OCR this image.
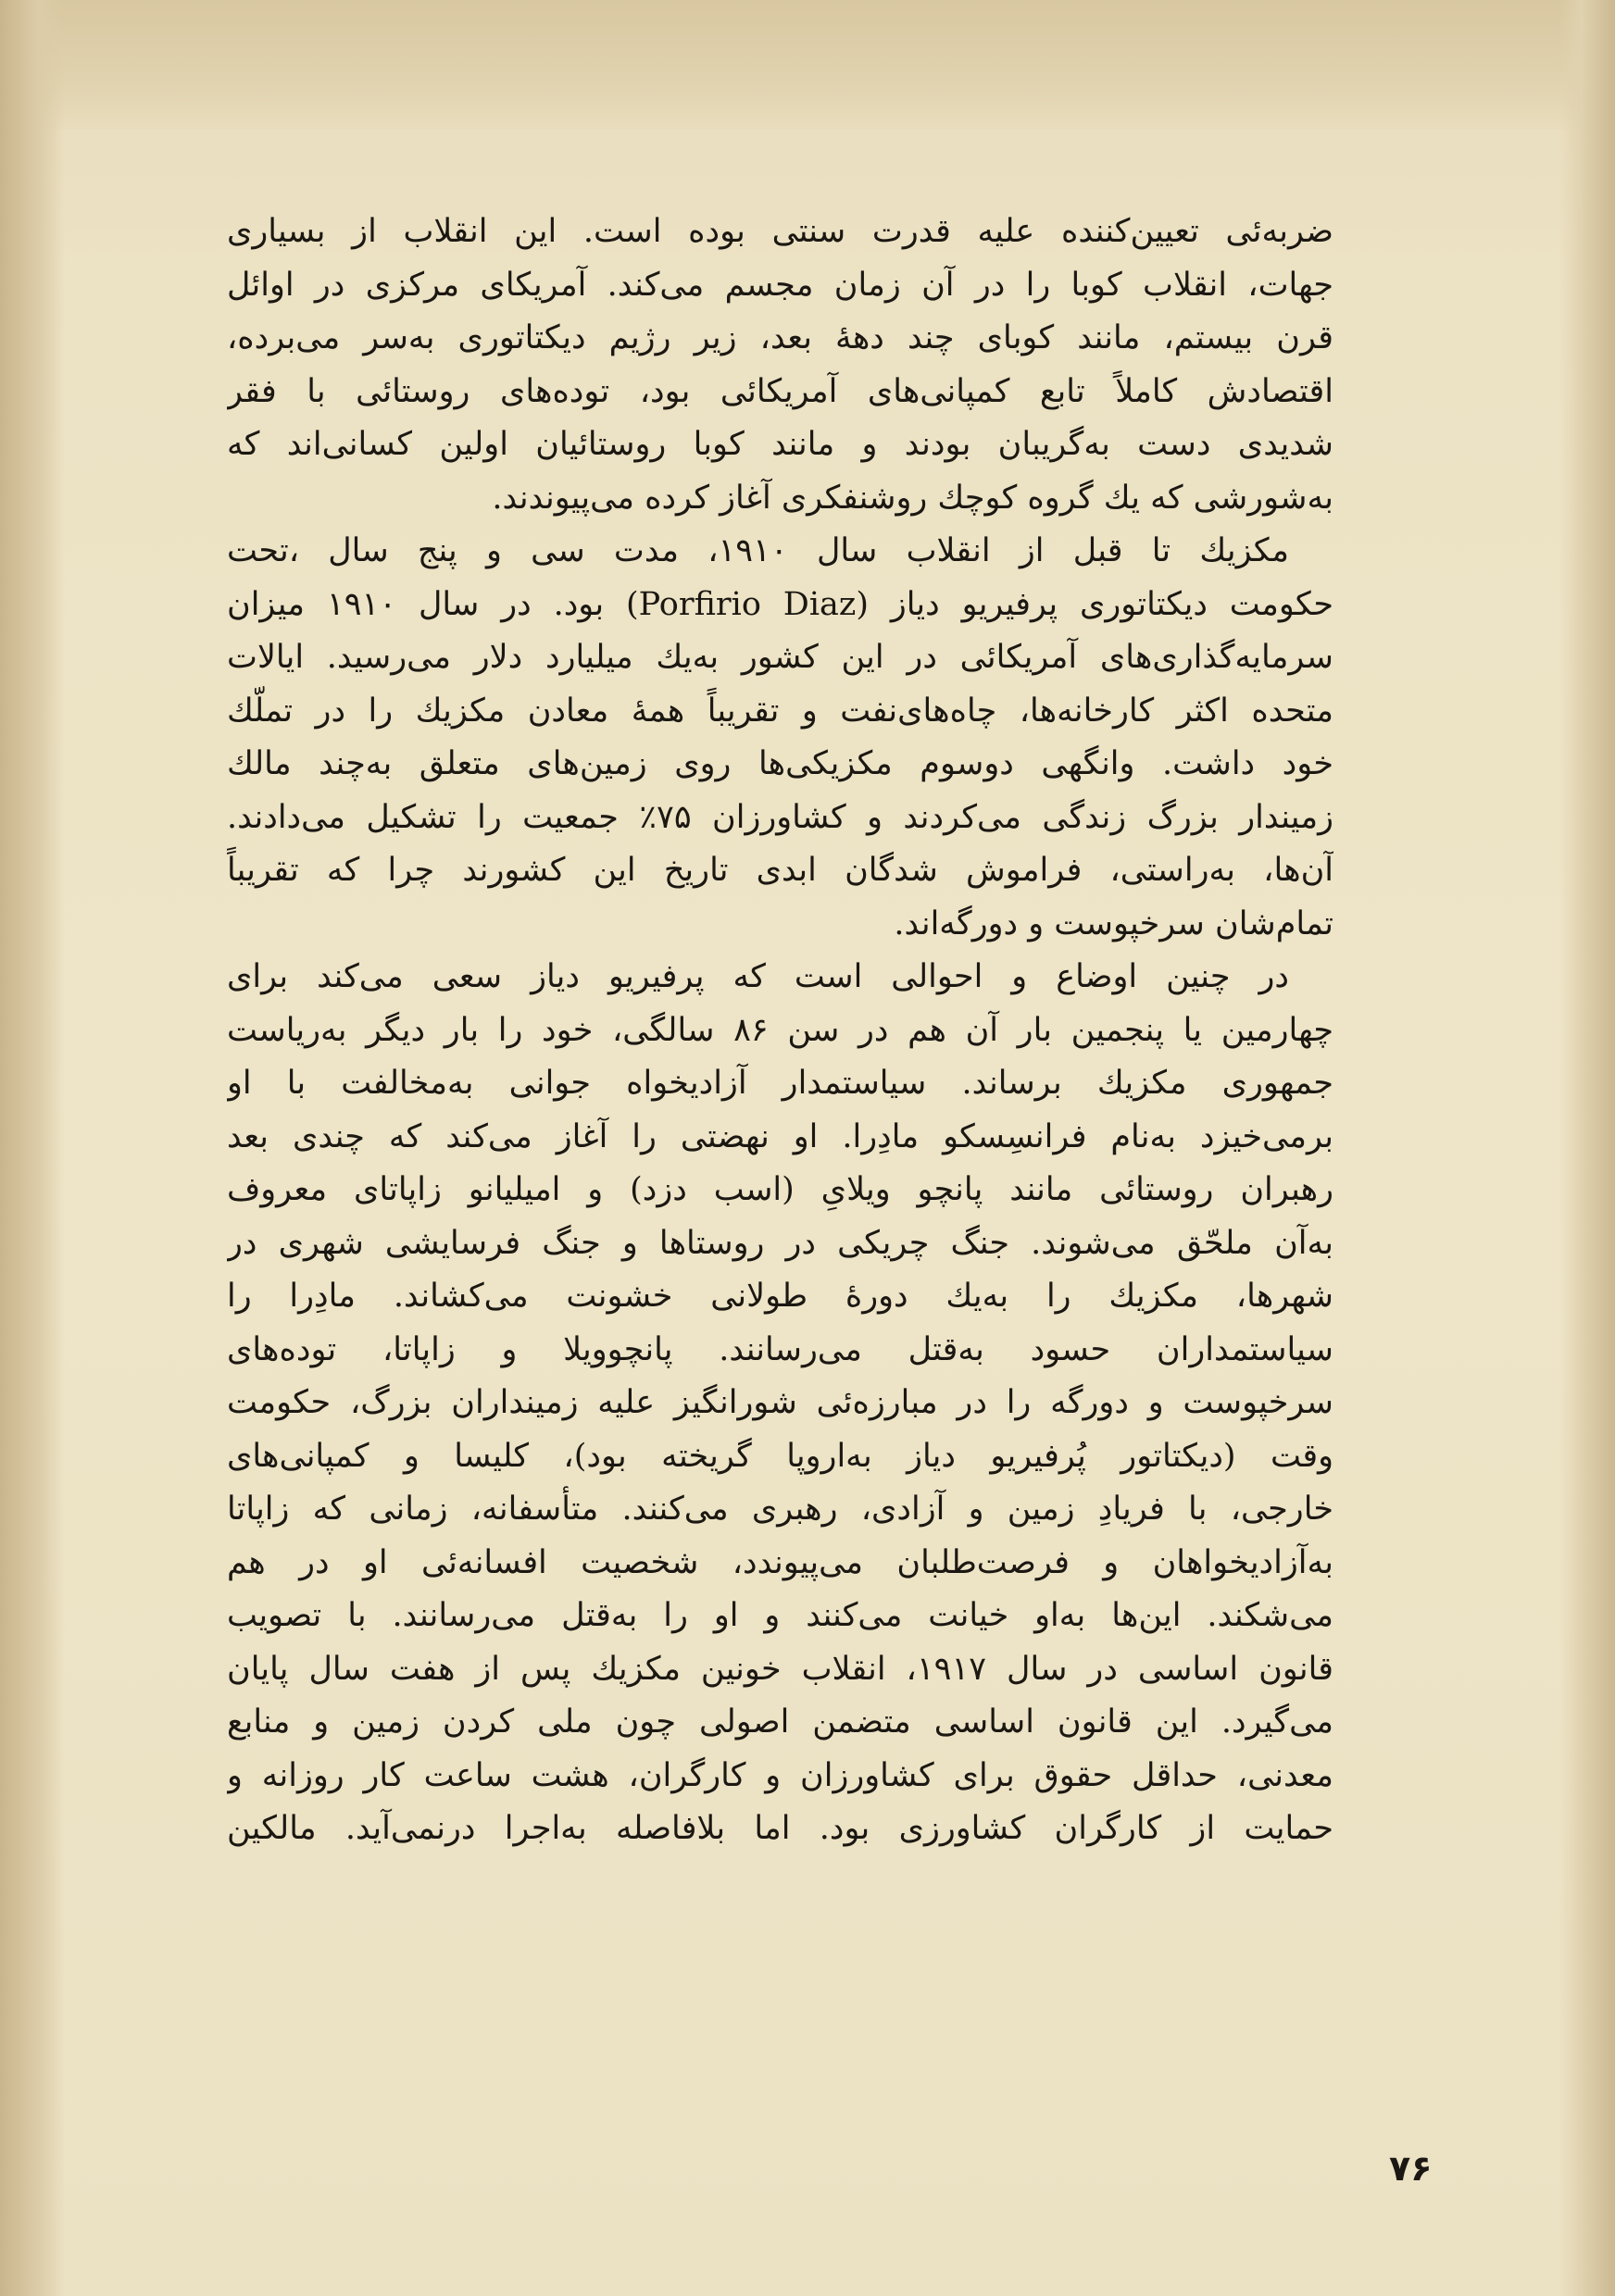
ضربه‌ئی تعیین‌کننده علیه قدرت سنتی بوده است. این انقلاب از بسیاری
جهات، انقلاب کوبا را در آن زمان مجسم می‌کند. آمریکای مرکزی در اوائل
قرن بیستم، مانند کوبای چند دههٔ بعد، زیر رژیم دیکتاتوری به‌سر می‌برده،
اقتصادش کاملاً تابع کمپانی‌های آمریکائی بود، توده‌های روستائی با فقر
شدیدی دست به‌گریبان بودند و مانند کوبا روستائیان اولین کسانی‌اند که
به‌شورشی که یك گروه کوچك روشنفکری آغاز کرده می‌پیوندند.
مکزیك تا قبل از انقلاب سال ۱۹۱۰، مدت سی و پنج سال ،تحت
حکومت دیکتاتوری پرفیریو دیاز (Porfirio Diaz) بود. در سال ۱۹۱۰ میزان
سرمایه‌گذاری‌های آمریکائی در این کشور به‌یك میلیارد دلار می‌رسید. ایالات
متحده اکثر کارخانه‌ها، چاه‌های‌نفت و تقریباً همهٔ معادن مکزیك را در تملّك
خود داشت. وانگهی دوسوم مکزیکی‌ها روی زمین‌های متعلق به‌چند مالك
زمیندار بزرگ زندگی می‌کردند و کشاورزان ۷۵٪ جمعیت را تشکیل می‌دادند.
آن‌ها، به‌راستی، فراموش شدگان ابدی تاریخ این کشورند چرا که تقریباً
تمام‌شان سرخپوست و دورگه‌اند.
در چنین اوضاع و احوالی است که پرفیریو دیاز سعی می‌کند برای
چهارمین یا پنجمین بار آن هم در سن ۸۶ سالگی، خود را بار دیگر به‌ریاست
جمهوری مکزیك برساند. سیاستمدار آزادیخواه جوانی به‌مخالفت با او
برمی‌خیزد به‌نام فرانسِسکو مادِرا. او نهضتی را آغاز می‌کند که چندی بعد
رهبران روستائی مانند پانچو ویلایِ (اسب دزد) و امیلیانو زاپاتای معروف
به‌آن ملحّق می‌شوند. جنگ چریکی در روستاها و جنگ فرسایشی شهری در
شهرها، مکزیك را به‌یك دورهٔ طولانی خشونت می‌کشاند. مادِرا را
سیاستمداران حسود به‌قتل می‌رسانند. پانچوویلا و زاپاتا، توده‌های
سرخپوست و دورگه را در مبارزه‌ئی شورانگیز علیه زمینداران بزرگ، حکومت
وقت (دیکتاتور پُرفیریو دیاز به‌اروپا گریخته بود)، کلیسا و کمپانی‌های
خارجی، با فریادِ زمین و آزادی، رهبری می‌کنند. متأسفانه، زمانی که زاپاتا
به‌آزادیخواهان و فرصت‌طلبان می‌پیوندد، شخصیت افسانه‌ئی او در هم
می‌شکند. این‌ها به‌او خیانت می‌کنند و او را به‌قتل می‌رسانند. با تصویب
قانون اساسی در سال ۱۹۱۷، انقلاب خونین مکزیك پس از هفت سال پایان
می‌گیرد. این قانون اساسی متضمن اصولی چون ملی کردن زمین و منابع
معدنی، حداقل حقوق برای کشاورزان و کارگران، هشت ساعت کار روزانه و
حمایت از کارگران کشاورزی بود. اما بلافاصله به‌اجرا درنمی‌آید. مالکین
۷۶
